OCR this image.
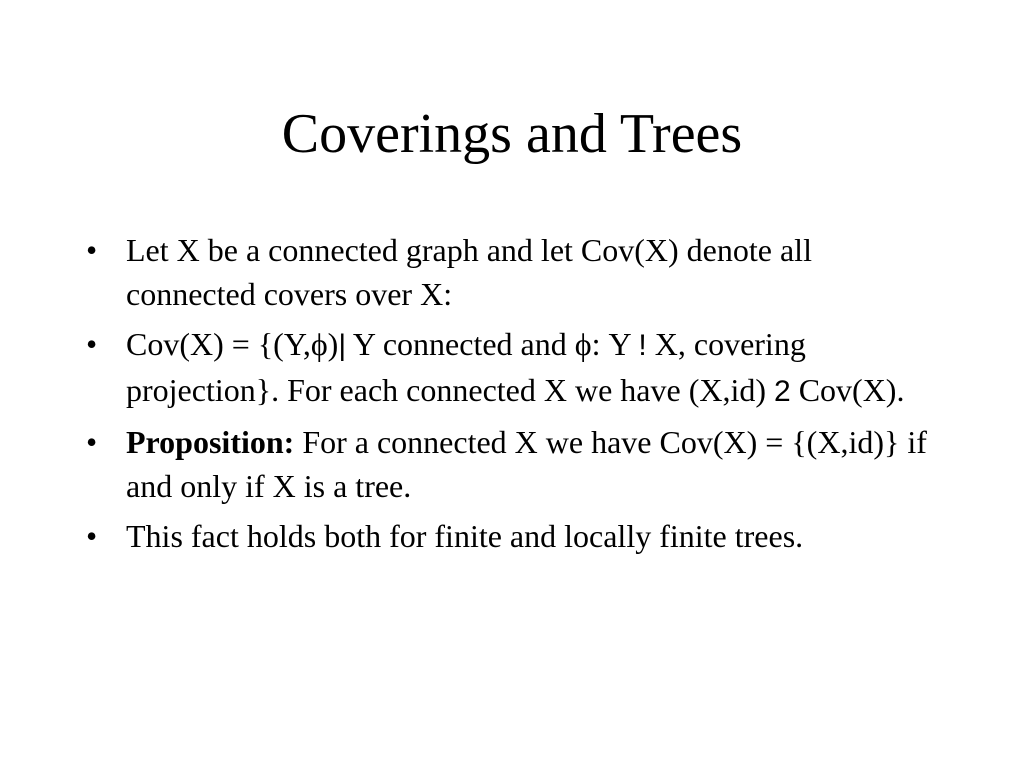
Coverings and Trees
• Let X be a connected graph and let Cov(X) denote all connected covers over X:
• Cov(X) = {(Y,ϕ)| Y connected and ϕ: Y ! X, covering projection}. For each connected X we have (X,id) 2 Cov(X).
• Proposition: For a connected X we have Cov(X) = {(X,id)} if and only if X is a tree.
• This fact holds both for finite and locally finite trees.
